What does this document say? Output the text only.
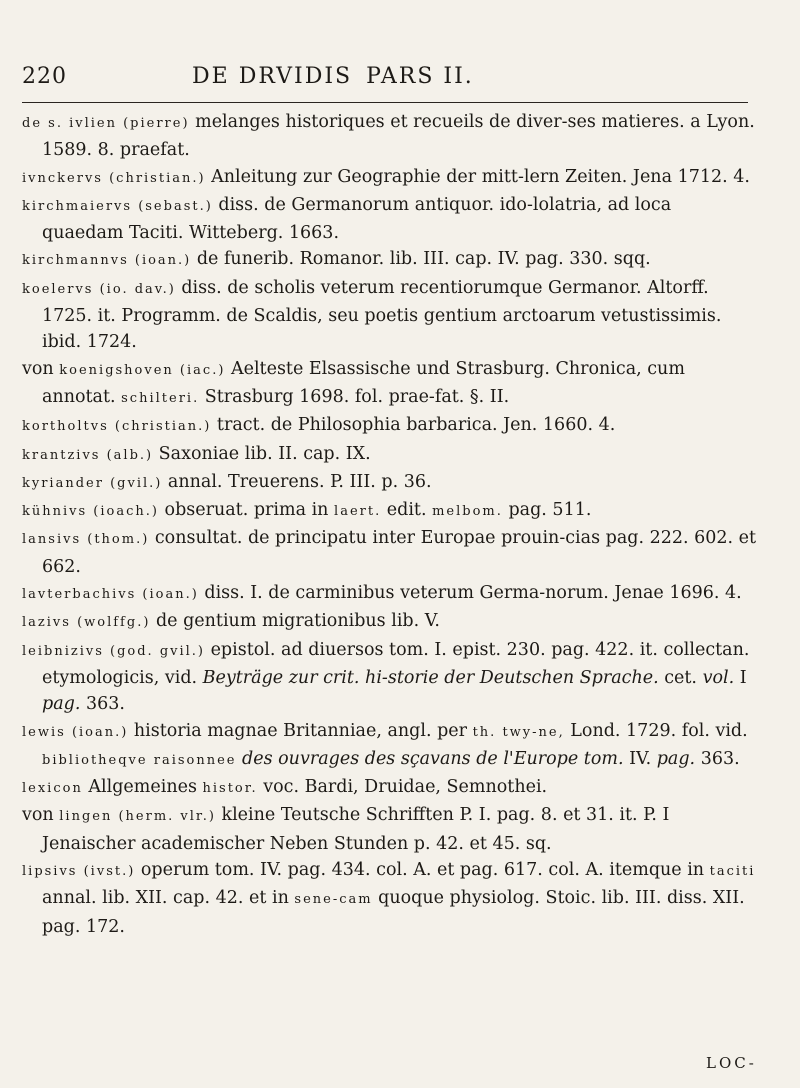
220	DE DRVIDIS PARS II.
de s. ivlien (pierre) melanges historiques et recueils de diver-ses matieres. a Lyon. 1589. 8. praefat.
ivnckervs (christian.) Anleitung zur Geographie der mitt-lern Zeiten. Jena 1712. 4.
kirchmaiervs (sebast.) diss. de Germanorum antiquor. ido-lolatria, ad loca quaedam Taciti. Witteberg. 1663.
kirchmannvs (ioan.) de funerib. Romanor. lib. III. cap. IV. pag. 330. sqq.
koelervs (io. dav.) diss. de scholis veterum recentiorumque Germanor. Altorff. 1725. it. Programm. de Scaldis, seu poetis gentium arctoarum vetustissimis. ibid. 1724.
von koenigshoven (iac.) Aelteste Elsassische und Strasburg. Chronica, cum annotat. schilteri. Strasburg 1698. fol. prae-fat. §. II.
kortholtvs (christian.) tract. de Philosophia barbarica. Jen. 1660. 4.
krantzivs (alb.) Saxoniae lib. II. cap. IX.
kyriander (gvil.) annal. Treuerens. P. III. p. 36.
kühnivs (ioach.) obseruat. prima in laert. edit. melbom. pag. 511.
lansivs (thom.) consultat. de principatu inter Europae prouin-cias pag. 222. 602. et 662.
lavterbachivs (ioan.) diss. I. de carminibus veterum Germa-norum. Jenae 1696. 4.
lazivs (wolffg.) de gentium migrationibus lib. V.
leibnizivs (god. gvil.) epistol. ad diuersos tom. I. epist. 230. pag. 422. it. collectan. etymologicis, vid. Beyträge zur crit. hi-storie der Deutschen Sprache. cet. vol. I pag. 363.
lewis (ioan.) historia magnae Britanniae, angl. per th. twy-ne, Lond. 1729. fol. vid. bibliotheqve raisonnee des ouvrages des sçavans de l'Europe tom. IV. pag. 363.
lexicon Allgemeines histor. voc. Bardi, Druidae, Semnothei.
von lingen (herm. vlr.) kleine Teutsche Schrifften P. I. pag. 8. et 31. it. P. I Jenaischer academischer Neben Stunden p. 42. et 45. sq.
lipsivs (ivst.) operum tom. IV. pag. 434. col. A. et pag. 617. col. A. itemque in taciti annal. lib. XII. cap. 42. et in sene-cam quoque physiolog. Stoic. lib. III. diss. XII. pag. 172.
LOC-
